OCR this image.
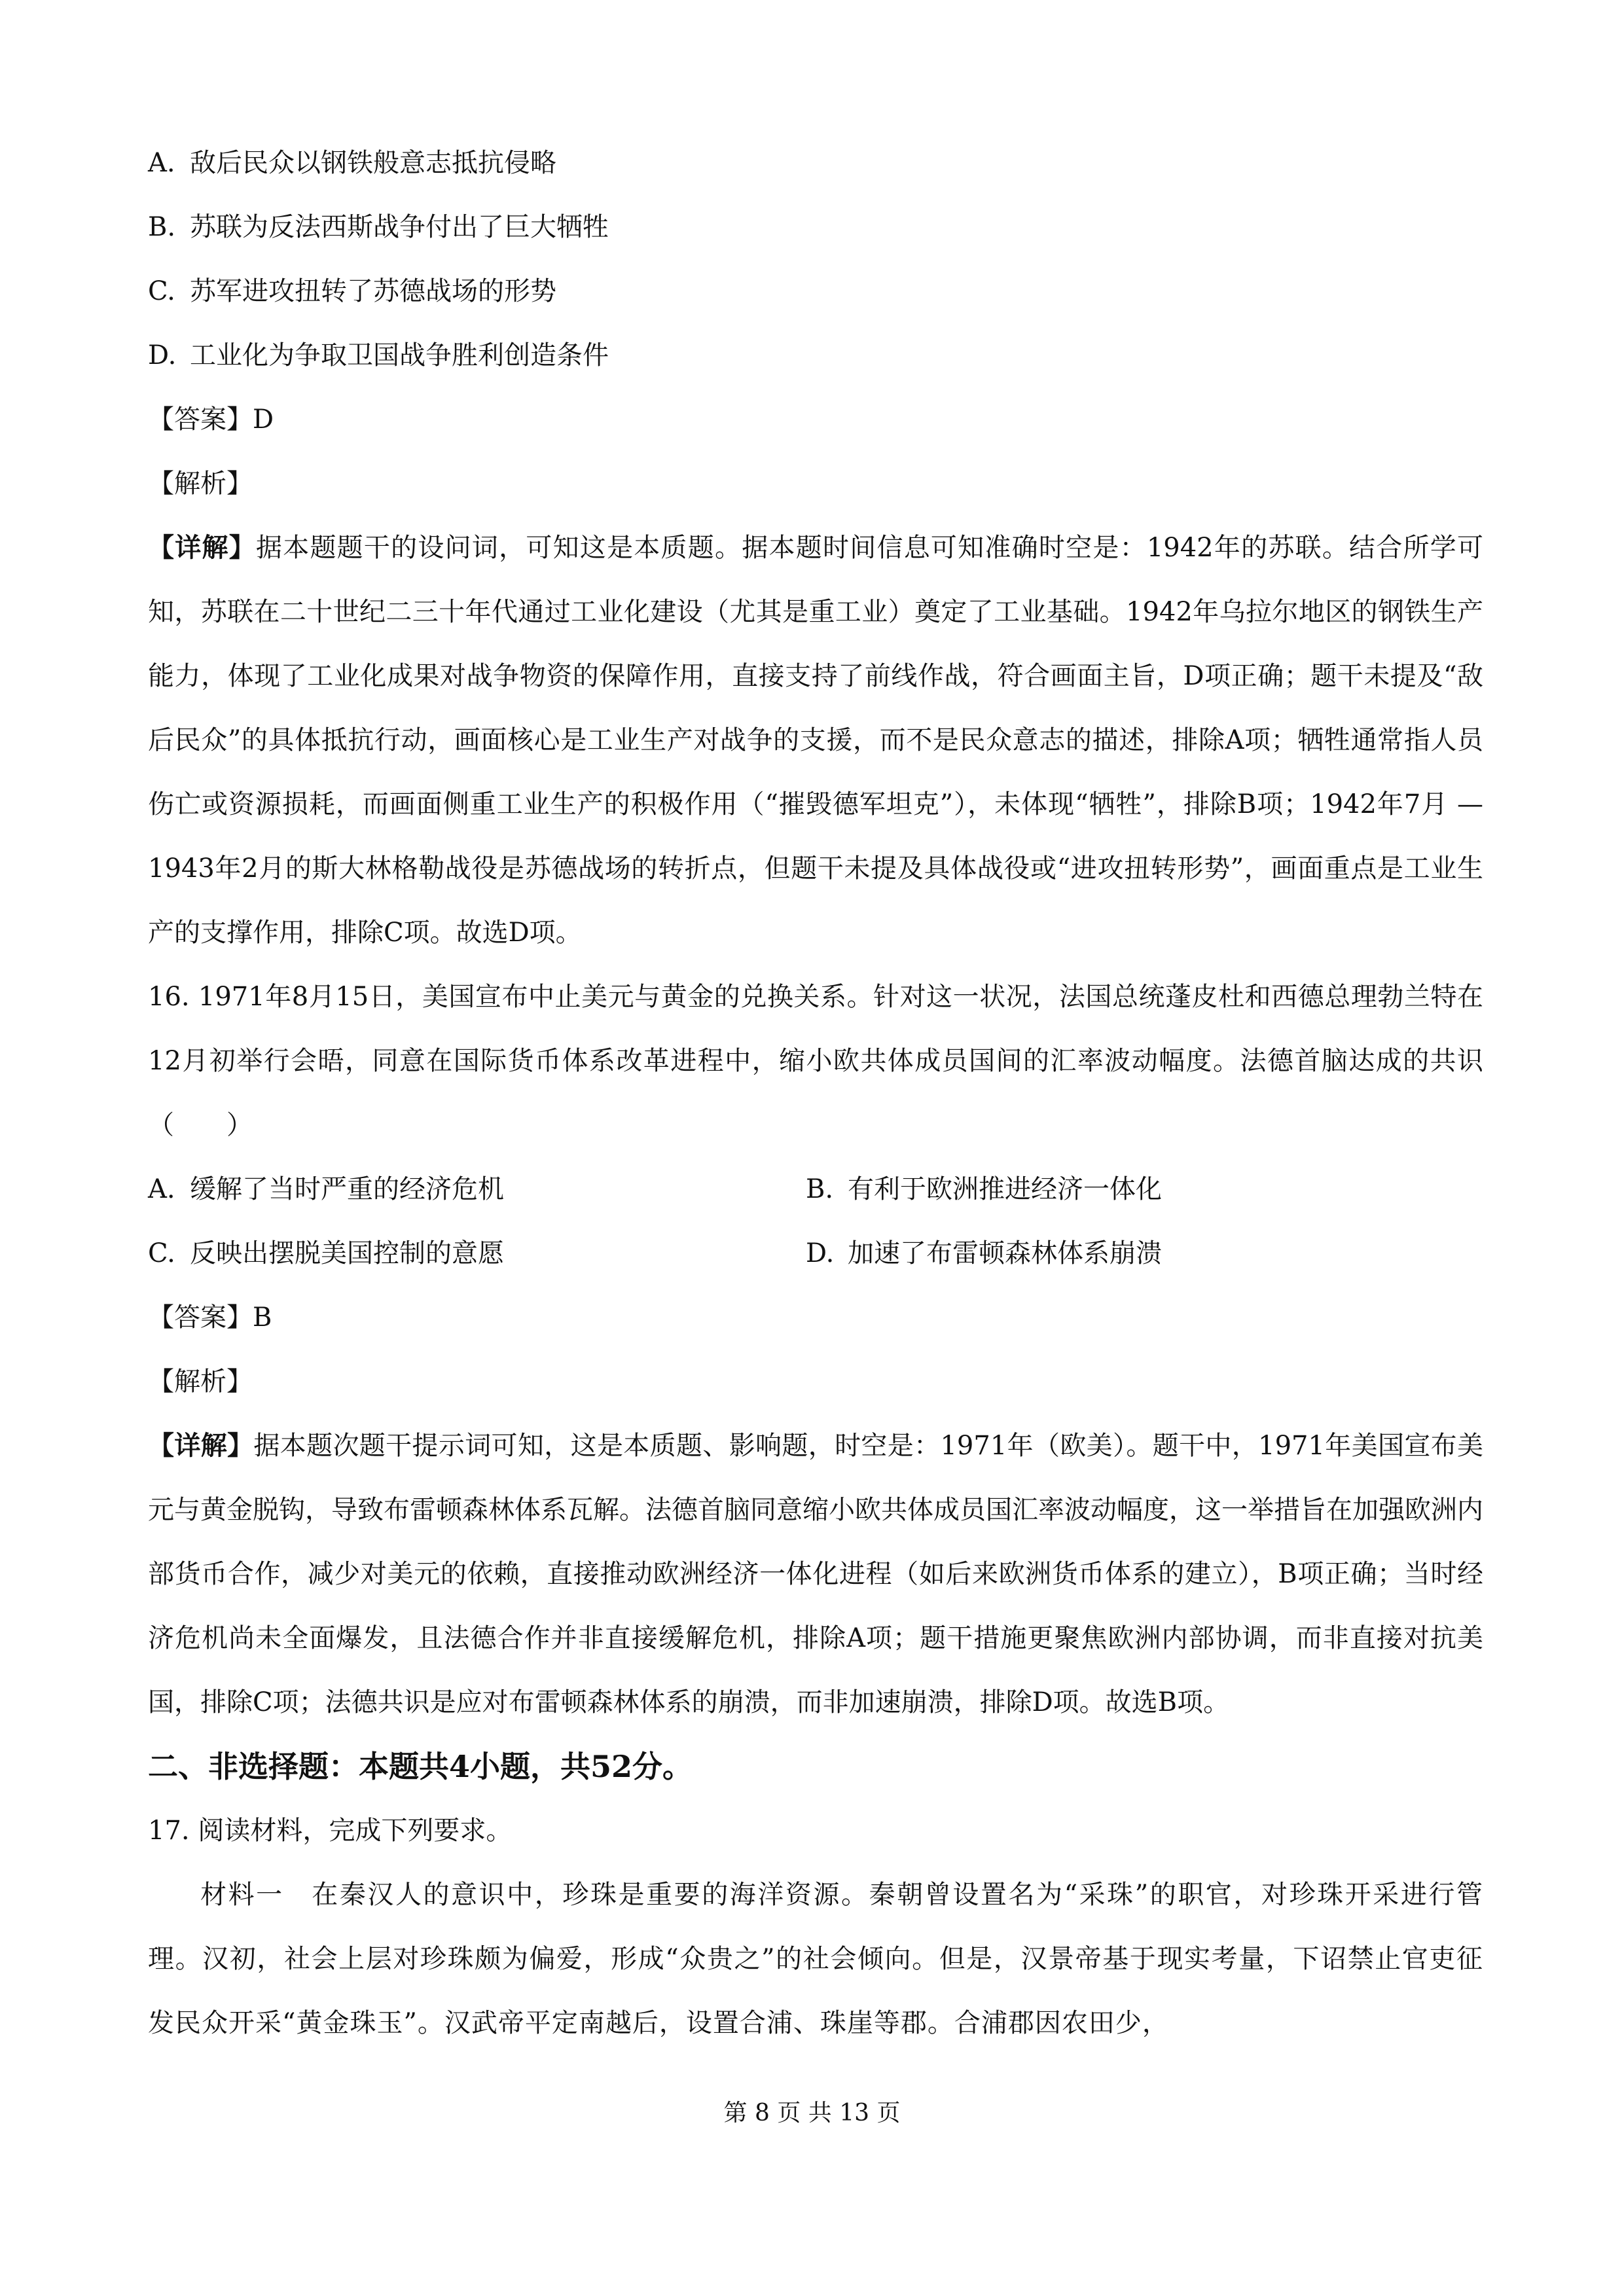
A. 敌后民众以钢铁般意志抵抗侵略

B. 苏联为反法西斯战争付出了巨大牺牲

C. 苏军进攻扭转了苏德战场的形势

D. 工业化为争取卫国战争胜利创造条件

【答案】D

【解析】

【详解】据本题题干的设问词，可知这是本质题。据本题时间信息可知准确时空是：1942年的苏联。结合所学可知，苏联在二十世纪二三十年代通过工业化建设（尤其是重工业）奠定了工业基础。1942年乌拉尔地区的钢铁生产能力，体现了工业化成果对战争物资的保障作用，直接支持了前线作战，符合画面主旨，D项正确；题干未提及“敌后民众”的具体抵抗行动，画面核心是工业生产对战争的支援，而不是民众意志的描述，排除A项；牺牲通常指人员伤亡或资源损耗，而画面侧重工业生产的积极作用（“摧毁德军坦克”），未体现“牺牲”，排除B项；1942年7月 —1943年2月的斯大林格勒战役是苏德战场的转折点，但题干未提及具体战役或“进攻扭转形势”，画面重点是工业生产的支撑作用，排除C项。故选D项。

16. 1971年8月15日，美国宣布中止美元与黄金的兑换关系。针对这一状况，法国总统蓬皮杜和西德总理勃兰特在12月初举行会晤，同意在国际货币体系改革进程中，缩小欧共体成员国间的汇率波动幅度。法德首脑达成的共识（　　）

A. 缓解了当时严重的经济危机	B. 有利于欧洲推进经济一体化
C. 反映出摆脱美国控制的意愿	D. 加速了布雷顿森林体系崩溃

【答案】B

【解析】

【详解】据本题次题干提示词可知，这是本质题、影响题，时空是：1971年（欧美）。题干中，1971年美国宣布美元与黄金脱钩，导致布雷顿森林体系瓦解。法德首脑同意缩小欧共体成员国汇率波动幅度，这一举措旨在加强欧洲内部货币合作，减少对美元的依赖，直接推动欧洲经济一体化进程（如后来欧洲货币体系的建立），B项正确；当时经济危机尚未全面爆发，且法德合作并非直接缓解危机，排除A项；题干措施更聚焦欧洲内部协调，而非直接对抗美国，排除C项；法德共识是应对布雷顿森林体系的崩溃，而非加速崩溃，排除D项。故选B项。

二、非选择题：本题共4小题，共52分。

17. 阅读材料，完成下列要求。

材料一　在秦汉人的意识中，珍珠是重要的海洋资源。秦朝曾设置名为“采珠”的职官，对珍珠开采进行管理。汉初，社会上层对珍珠颇为偏爱，形成“众贵之”的社会倾向。但是，汉景帝基于现实考量，下诏禁止官吏征发民众开采“黄金珠玉”。汉武帝平定南越后，设置合浦、珠崖等郡。合浦郡因农田少，

第 8 页 共 13 页
